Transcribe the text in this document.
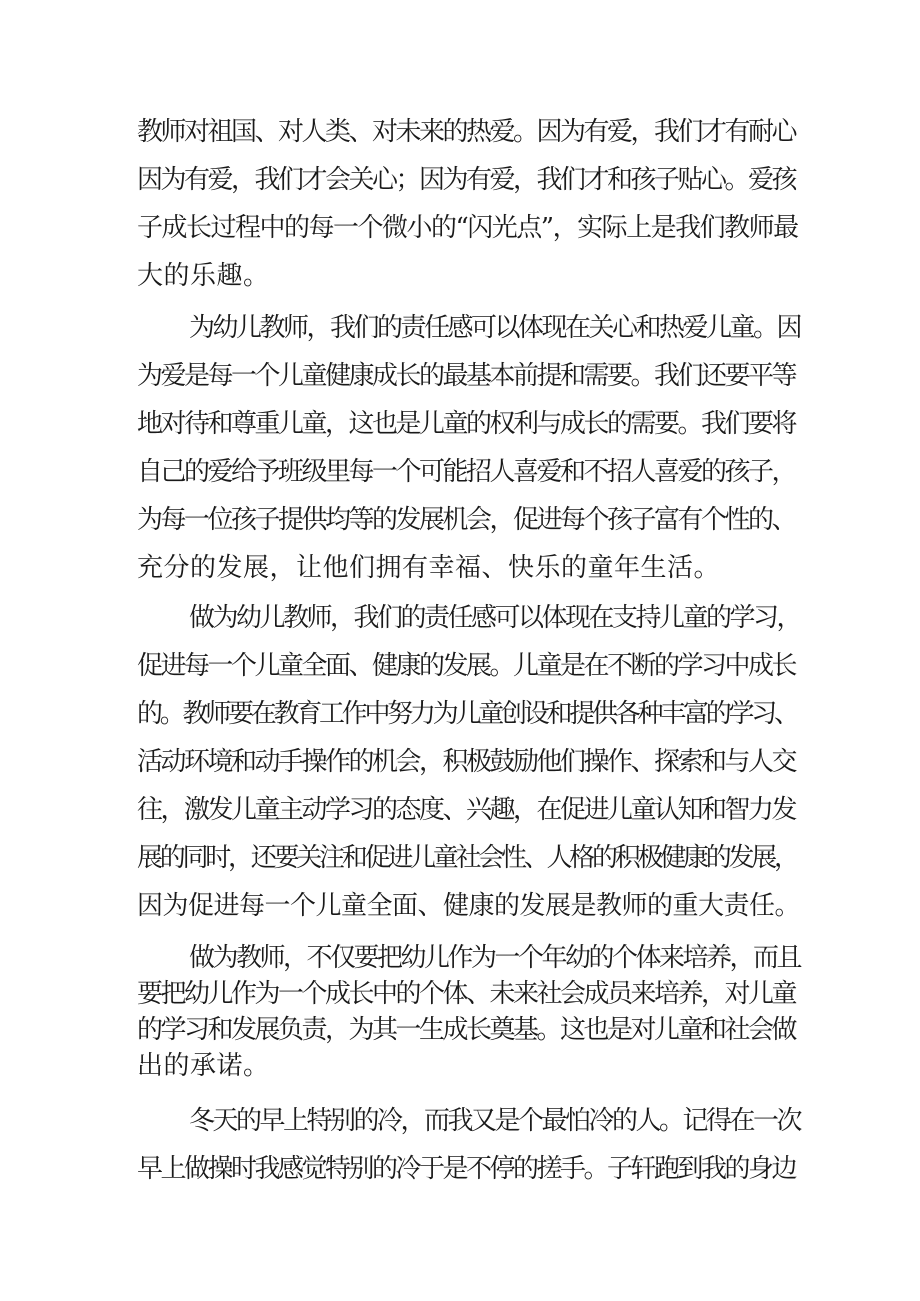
教师对祖国、对人类、对未来的热爱。因为有爱，我们才有耐心
因为有爱，我们才会关心；因为有爱，我们才和孩子贴心。爱孩
子成长过程中的每一个微小的“闪光点”，实际上是我们教师最
大的乐趣。
为幼儿教师，我们的责任感可以体现在关心和热爱儿童。因
为爱是每一个儿童健康成长的最基本前提和需要。我们还要平等
地对待和尊重儿童，这也是儿童的权利与成长的需要。我们要将
自己的爱给予班级里每一个可能招人喜爱和不招人喜爱的孩子，
为每一位孩子提供均等的发展机会，促进每个孩子富有个性的、
充分的发展，让他们拥有幸福、快乐的童年生活。
做为幼儿教师，我们的责任感可以体现在支持儿童的学习，
促进每一个儿童全面、健康的发展。儿童是在不断的学习中成长
的。教师要在教育工作中努力为儿童创设和提供各种丰富的学习、
活动环境和动手操作的机会，积极鼓励他们操作、探索和与人交
往，激发儿童主动学习的态度、兴趣，在促进儿童认知和智力发
展的同时，还要关注和促进儿童社会性、人格的积极健康的发展，
因为促进每一个儿童全面、健康的发展是教师的重大责任。
做为教师，不仅要把幼儿作为一个年幼的个体来培养，而且
要把幼儿作为一个成长中的个体、未来社会成员来培养，对儿童
的学习和发展负责，为其一生成长奠基。这也是对儿童和社会做
出的承诺。
冬天的早上特别的冷，而我又是个最怕冷的人。记得在一次
早上做操时我感觉特别的冷于是不停的搓手。子轩跑到我的身边
